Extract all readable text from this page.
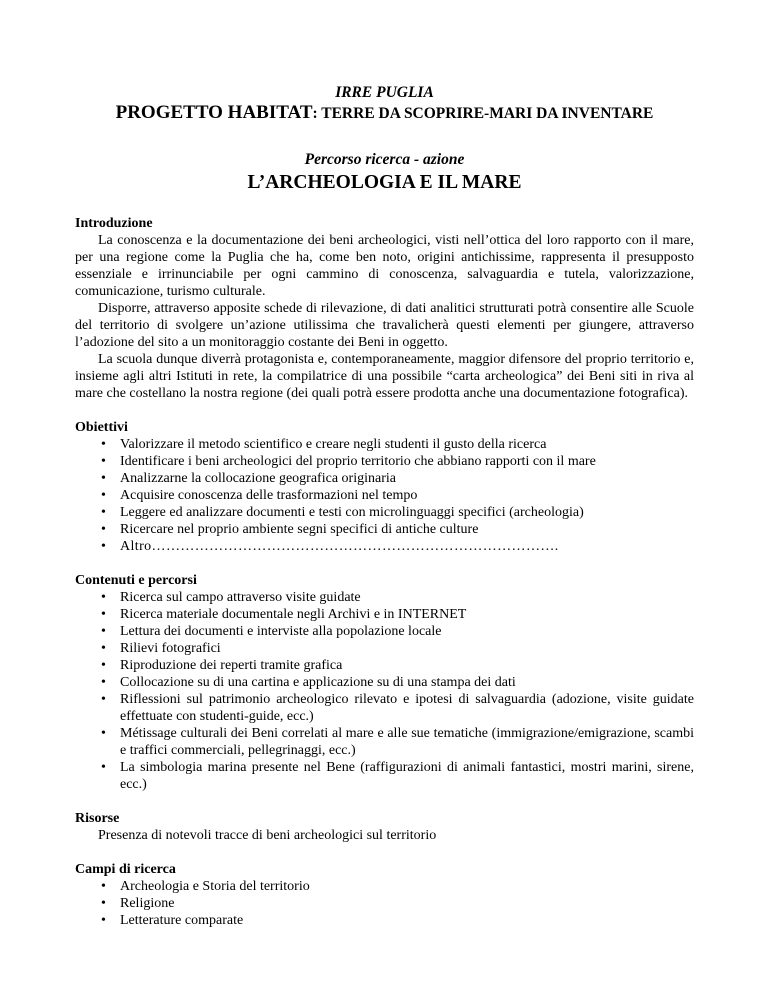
IRRE PUGLIA
PROGETTO HABITAT: TERRE DA SCOPRIRE-MARI DA INVENTARE
Percorso ricerca - azione
L’ARCHEOLOGIA E IL MARE
Introduzione

La conoscenza e la documentazione dei beni archeologici, visti nell’ottica del loro rapporto con il mare, per una regione come la Puglia che ha, come ben noto, origini antichissime, rappresenta il presupposto essenziale e irrinunciabile per ogni cammino di conoscenza, salvaguardia e tutela, valorizzazione, comunicazione, turismo culturale.

Disporre, attraverso apposite schede di rilevazione, di dati analitici strutturati potrà consentire alle Scuole del territorio di svolgere un’azione utilissima che travalicherà questi elementi per giungere, attraverso l’adozione del sito a un monitoraggio costante dei Beni in oggetto.

La scuola dunque diverrà protagonista e, contemporaneamente, maggior difensore del proprio territorio e, insieme agli altri Istituti in rete, la compilatrice di una possibile “carta archeologica” dei Beni siti in riva al mare che costellano la nostra regione (dei quali potrà essere prodotta anche una documentazione fotografica).

Obiettivi
• Valorizzare il metodo scientifico e creare negli studenti il gusto della ricerca
• Identificare i beni archeologici del proprio territorio che abbiano rapporti con il mare
• Analizzarne la collocazione geografica originaria
• Acquisire conoscenza delle trasformazioni nel tempo
• Leggere ed analizzare documenti e testi con microlinguaggi specifici (archeologia)
• Ricercare nel proprio ambiente segni specifici di antiche culture
• Altro………………………………………………………………………….
Contenuti e percorsi
• Ricerca sul campo attraverso visite guidate
• Ricerca materiale documentale negli Archivi e in INTERNET
• Lettura dei documenti e interviste alla popolazione locale
• Rilievi fotografici
• Riproduzione dei reperti tramite grafica
• Collocazione su di una cartina e applicazione su di una stampa dei dati
• Riflessioni sul patrimonio archeologico rilevato e ipotesi di salvaguardia (adozione, visite guidate effettuate con studenti-guide, ecc.)
• Métissage culturali dei Beni correlati al mare e alle sue tematiche (immigrazione/emigrazione, scambi e traffici commerciali, pellegrinaggi, ecc.)
• La simbologia marina presente nel Bene (raffigurazioni di animali fantastici, mostri marini, sirene, ecc.)
Risorse

Presenza di notevoli tracce di beni archeologici sul territorio

Campi di ricerca
• Archeologia e Storia del territorio
• Religione
• Letterature comparate
